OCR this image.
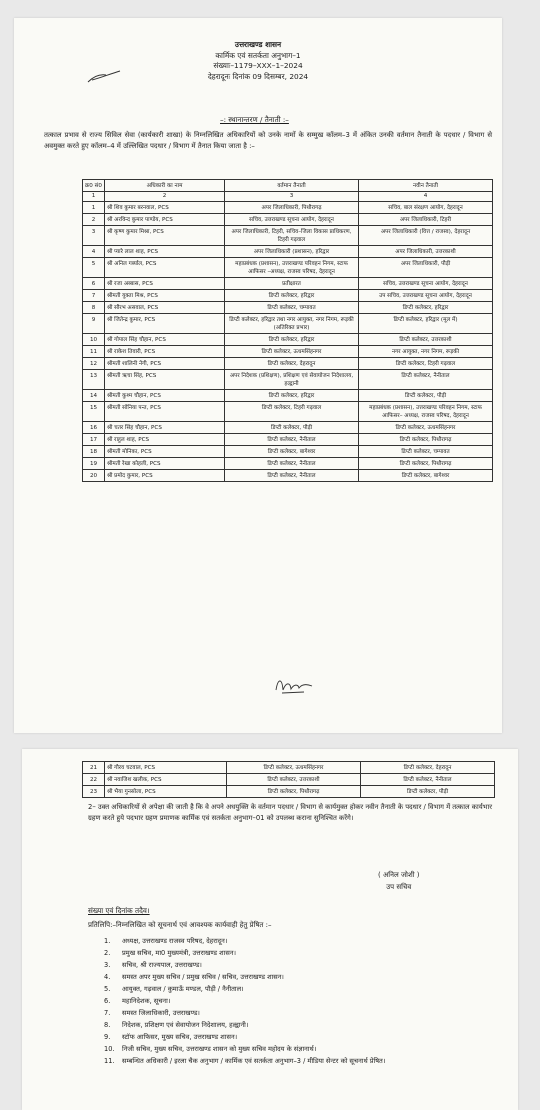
उत्तराखण्ड शासन
कार्मिक एवं सतर्कता अनुभाग–1
संख्याः–1179–XXX–1–2024
देहरादूनः दिनांक 09 दिसम्बर, 2024
–: स्थानान्तरण / तैनाती :–
तत्काल प्रभाव से राज्य सिविल सेवा (कार्यकारी शाखा) के निम्नलिखित अधिकारियों को उनके नामों के सम्मुख कॉलम–3 में अंकित उनकी वर्तमान तैनाती के पदधार / विभाग से अवमुक्त करते हुए कॉलम–4 में उल्लिखित पदधार / विभाग में तैनात किया जाता है :–
क्र0 सं0	अधिकारी का नाम	वर्तमान तैनाती	नवीन तैनाती
1	2	3	4
1	श्री शिव कुमार बरनवाल, PCS	अपर जिलाधिकारी, पिथौरागढ़	सचिव, बाल संरक्षण आयोग, देहरादून
2	श्री अरविन्द कुमार पाण्डेय, PCS	सचिव, उत्तराखण्ड सूचना आयोग, देहरादून	अपर जिलाधिकारी, टिहरी
3	श्री कृष्ण कुमार मिश्रा, PCS	अपर जिलाधिकारी, टिहरी, सचिव–जिला विकास प्राधिकरण, टिहरी गढ़वाल	अपर जिलाधिकारी (वित्त / राजस्व), देहरादून
4	श्री प्यारे लाल शाह, PCS	अपर जिलाधिकारी (प्रशासन), हरिद्वार	अपर जिलाधिकारी, उत्तरकाशी
5	श्री अनिल गर्ब्याल, PCS	महाप्रबंधक (प्रशासन), उत्तराखण्ड परिवहन निगम, स्टाफ आफिसर –अध्यक्ष, राजस्व परिषद, देहरादून	अपर जिलाधिकारी, पौड़ी
6	श्री रजा अब्बास, PCS	प्रतीक्षारत	सचिव, उत्तराखण्ड सूचना आयोग, देहरादून
7	श्रीमती युक्ता मिश्र, PCS	डिप्टी कलेक्टर, हरिद्वार	उप सचिव, उत्तराखण्ड सूचना आयोग, देहरादून
8	श्री सौरभ असवाल, PCS	डिप्टी कलेक्टर, चम्पावत	डिप्टी कलेक्टर, हरिद्वार
9	श्री जितेन्द्र कुमार, PCS	डिप्टी कलेक्टर, हरिद्वार तथा नगर आयुक्त, नगर निगम, रूड़की (अतिरिक्त प्रभार)	डिप्टी कलेक्टर, हरिद्वार (मूल में)
10	श्री गोपाल सिंह चौहान, PCS	डिप्टी कलेक्टर, हरिद्वार	डिप्टी कलेक्टर, उत्तरकाशी
11	श्री राकेश तिवारी, PCS	डिप्टी कलेक्टर, ऊधमसिंहनगर	नगर आयुक्त, नगर निगम, रूड़की
12	श्रीमती शालिनी नेगी, PCS	डिप्टी कलेक्टर, देहरादून	डिप्टी कलेक्टर, टिहरी गढ़वाल
13	श्रीमती ऋचा सिंह, PCS	अपर निदेशक (प्रशिक्षण), प्रशिक्षण एवं सेवायोजन निदेशालय, हल्द्वानी	डिप्टी कलेक्टर, नैनीताल
14	श्रीमती कुश्म चौहान, PCS	डिप्टी कलेक्टर, हरिद्वार	डिप्टी कलेक्टर, पौड़ी
15	श्रीमती सोनिया पन्त, PCS	डिप्टी कलेक्टर, टिहरी गढ़वाल	महाप्रबंधक (प्रशासन), उत्तराखण्ड परिवहन निगम, स्टाफ आफिसर– अध्यक्ष, राजस्व परिषद, देहरादून
16	श्री चतर सिंह चौहान, PCS	डिप्टी कलेक्टर, पौड़ी	डिप्टी कलेक्टर, ऊधमसिंहनगर
17	श्री राहुल शाह, PCS	डिप्टी कलेक्टर, नैनीताल	डिप्टी कलेक्टर, पिथौरागढ़
18	श्रीमती मोनिका, PCS	डिप्टी कलेक्टर, बागेश्वर	डिप्टी कलेक्टर, चम्पावत
19	श्रीमती रेखा कोहली, PCS	डिप्टी कलेक्टर, नैनीताल	डिप्टी कलेक्टर, पिथौरागढ़
20	श्री प्रमोद कुमार, PCS	डिप्टी कलेक्टर, नैनीताल	डिप्टी कलेक्टर, बागेश्वर
21	श्री गौरव चटवाल, PCS	डिप्टी कलेक्टर, ऊधमसिंहनगर	डिप्टी कलेक्टर, देहरादून
22	श्री नवाजिश खलीक, PCS	डिप्टी कलेक्टर, उत्तरकाशी	डिप्टी कलेक्टर, नैनीताल
23	श्री भैया गुनसोला, PCS	डिप्टी कलेक्टर, पिथौरागढ़	डिप्टी कलेक्टर, पौड़ी
2– उक्त अधिकारियों से अपेक्षा की जाती है कि वे अपने अधयुक्ति के वर्तमान पदधार / विभाग से कार्यमुक्त होकर नवीन तैनाती के पदधार / विभाग में तत्काल कार्यभार ग्रहण करते हुये पदभार ग्रहण प्रमाणक कार्मिक एवं सतर्कता अनुभाग–01 को उपलब्ध कराना सुनिश्चित करेंगे।
( अनिल जोशी )
उप सचिव
संख्या एवं दिनांक तदैव।
प्रतिलिपि:–निम्नलिखित को सूचनार्थ एवं आवश्यक कार्यवाही हेतु प्रेषित :–
1.	अध्यक्ष, उत्तराखण्ड राजस्व परिषद, देहरादून।
2.	प्रमुख सचिव, मा0 मुख्यमंत्री, उत्तराखण्ड शासन।
3.	सचिव, श्री राज्यपाल, उत्तराखण्ड।
4.	समस्त अपर मुख्य सचिव / प्रमुख सचिव / सचिव, उत्तराखण्ड शासन।
5.	आयुक्त, गढ़वाल / कुमाऊँ मण्डल, पौड़ी / नैनीताल।
6.	महानिदेशक, सूचना।
7.	समस्त जिलाधिकारी, उत्तराखण्ड।
8.	निदेशक, प्रशिक्षण एवं सेवायोजन निदेशालय, हल्द्वानी।
9.	स्टॉफ आफिसर, मुख्य सचिव, उत्तराखण्ड शासन।
10.	निजी सचिव, मुख्य सचिव, उत्तराखण्ड शासन को मुख्य सचिव महोदय के संज्ञानार्थ।
11.	सम्बन्धित अधिकारी / इरला चैक अनुभाग / कार्मिक एवं सतर्कता अनुभाग–3 / मीडिया सेन्टर को सूचनार्थ प्रेषित।
